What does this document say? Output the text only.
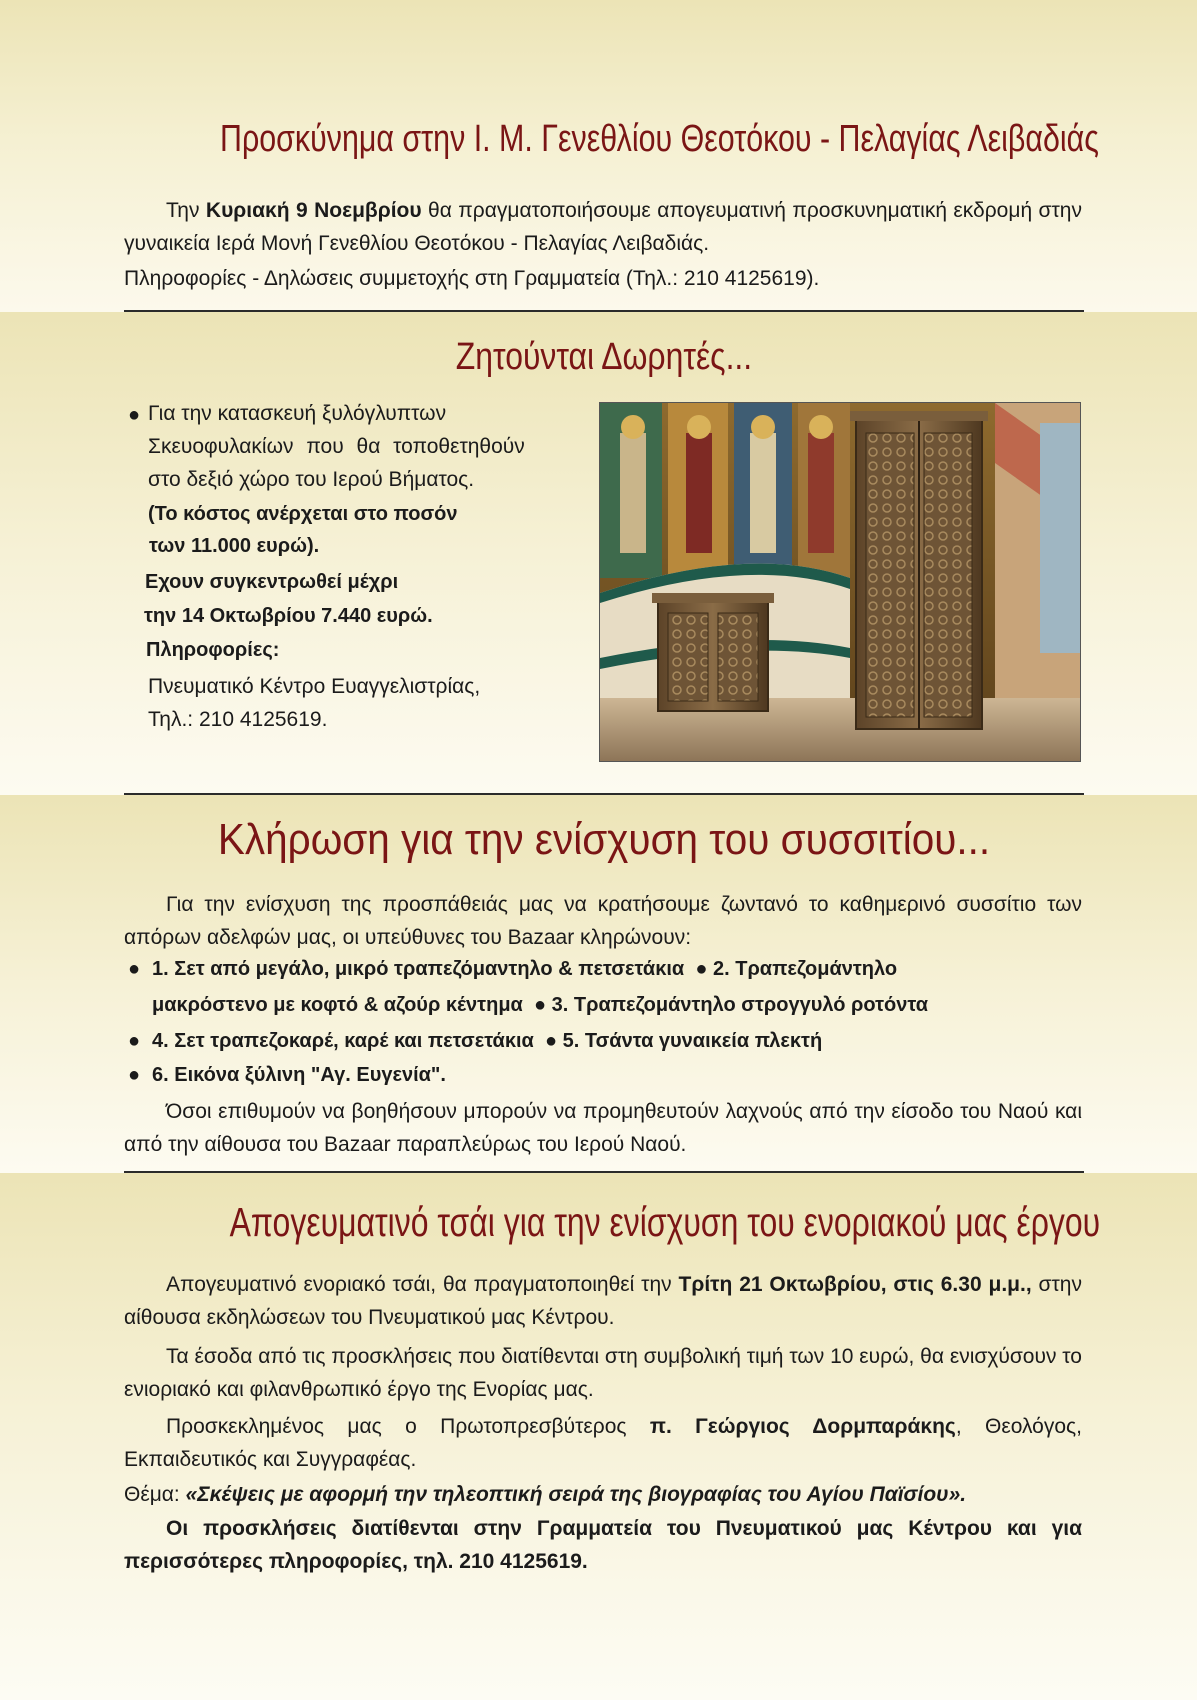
Προσκύνημα στην Ι. Μ. Γενεθλίου Θεοτόκου - Πελαγίας Λειβαδιάς

Την Κυριακή 9 Νοεμβρίου θα πραγματοποιήσουμε απογευματινή προσκυνηματική εκδρομή στην γυναικεία Ιερά Μονή Γενεθλίου Θεοτόκου - Πελαγίας Λειβαδιάς.

Πληροφορίες - Δηλώσεις συμμετοχής στη Γραμματεία (Τηλ.: 210 4125619).

Ζητούνται Δωρητές...
● Για την κατασκευή ξυλόγλυπτων
Σκευοφυλακίων που θα τοποθετηθούν
στο δεξιό χώρο του Ιερού Βήματος.
(Το κόστος ανέρχεται στο ποσόν
των 11.000 ευρώ).
Εχουν συγκεντρωθεί μέχρι
την 14 Οκτωβρίου 7.440 ευρώ.
Πληροφορίες:
Πνευματικό Κέντρο Ευαγγελιστρίας,
Τηλ.: 210 4125619.
Κλήρωση για την ενίσχυση του συσσιτίου...

Για την ενίσχυση της προσπάθειάς μας να κρατήσουμε ζωντανό το καθημερινό συσσίτιο των απόρων αδελφών μας, οι υπεύθυνες του Bazaar κληρώνουν:

● 1. Σετ από μεγάλο, μικρό τραπεζόμαντηλο & πετσετάκια  ● 2. Τραπεζομάντηλο
μακρόστενο με κοφτό & αζούρ κέντημα  ● 3. Τραπεζομάντηλο στρογγυλό ροτόντα
● 4. Σετ τραπεζοκαρέ, καρέ και πετσετάκια  ● 5. Τσάντα γυναικεία πλεκτή
● 6. Εικόνα ξύλινη "Αγ. Ευγενία".

Όσοι επιθυμούν να βοηθήσουν μπορούν να προμηθευτούν λαχνούς από την είσοδο του Ναού και από την αίθουσα του Bazaar παραπλεύρως του Ιερού Ναού.

Απογευματινό τσάι για την ενίσχυση του ενοριακού μας έργου

Απογευματινό ενοριακό τσάι, θα πραγματοποιηθεί την Τρίτη 21 Οκτωβρίου, στις 6.30 μ.μ., στην αίθουσα εκδηλώσεων του Πνευματικού μας Κέντρου.

Τα έσοδα από τις προσκλήσεις που διατίθενται στη συμβολική τιμή των 10 ευρώ, θα ενισχύσουν το ενιοριακό και φιλανθρωπικό έργο της Ενορίας μας.

Προσκεκλημένος μας ο Πρωτοπρεσβύτερος π. Γεώργιος Δορμπαράκης, Θεολόγος, Εκπαιδευτικός και Συγγραφέας.

Θέμα: «Σκέψεις με αφορμή την τηλεοπτική σειρά της βιογραφίας του Αγίου Παϊσίου».

Οι προσκλήσεις διατίθενται στην Γραμματεία του Πνευματικού μας Κέντρου και για περισσότερες πληροφορίες, τηλ. 210 4125619.
